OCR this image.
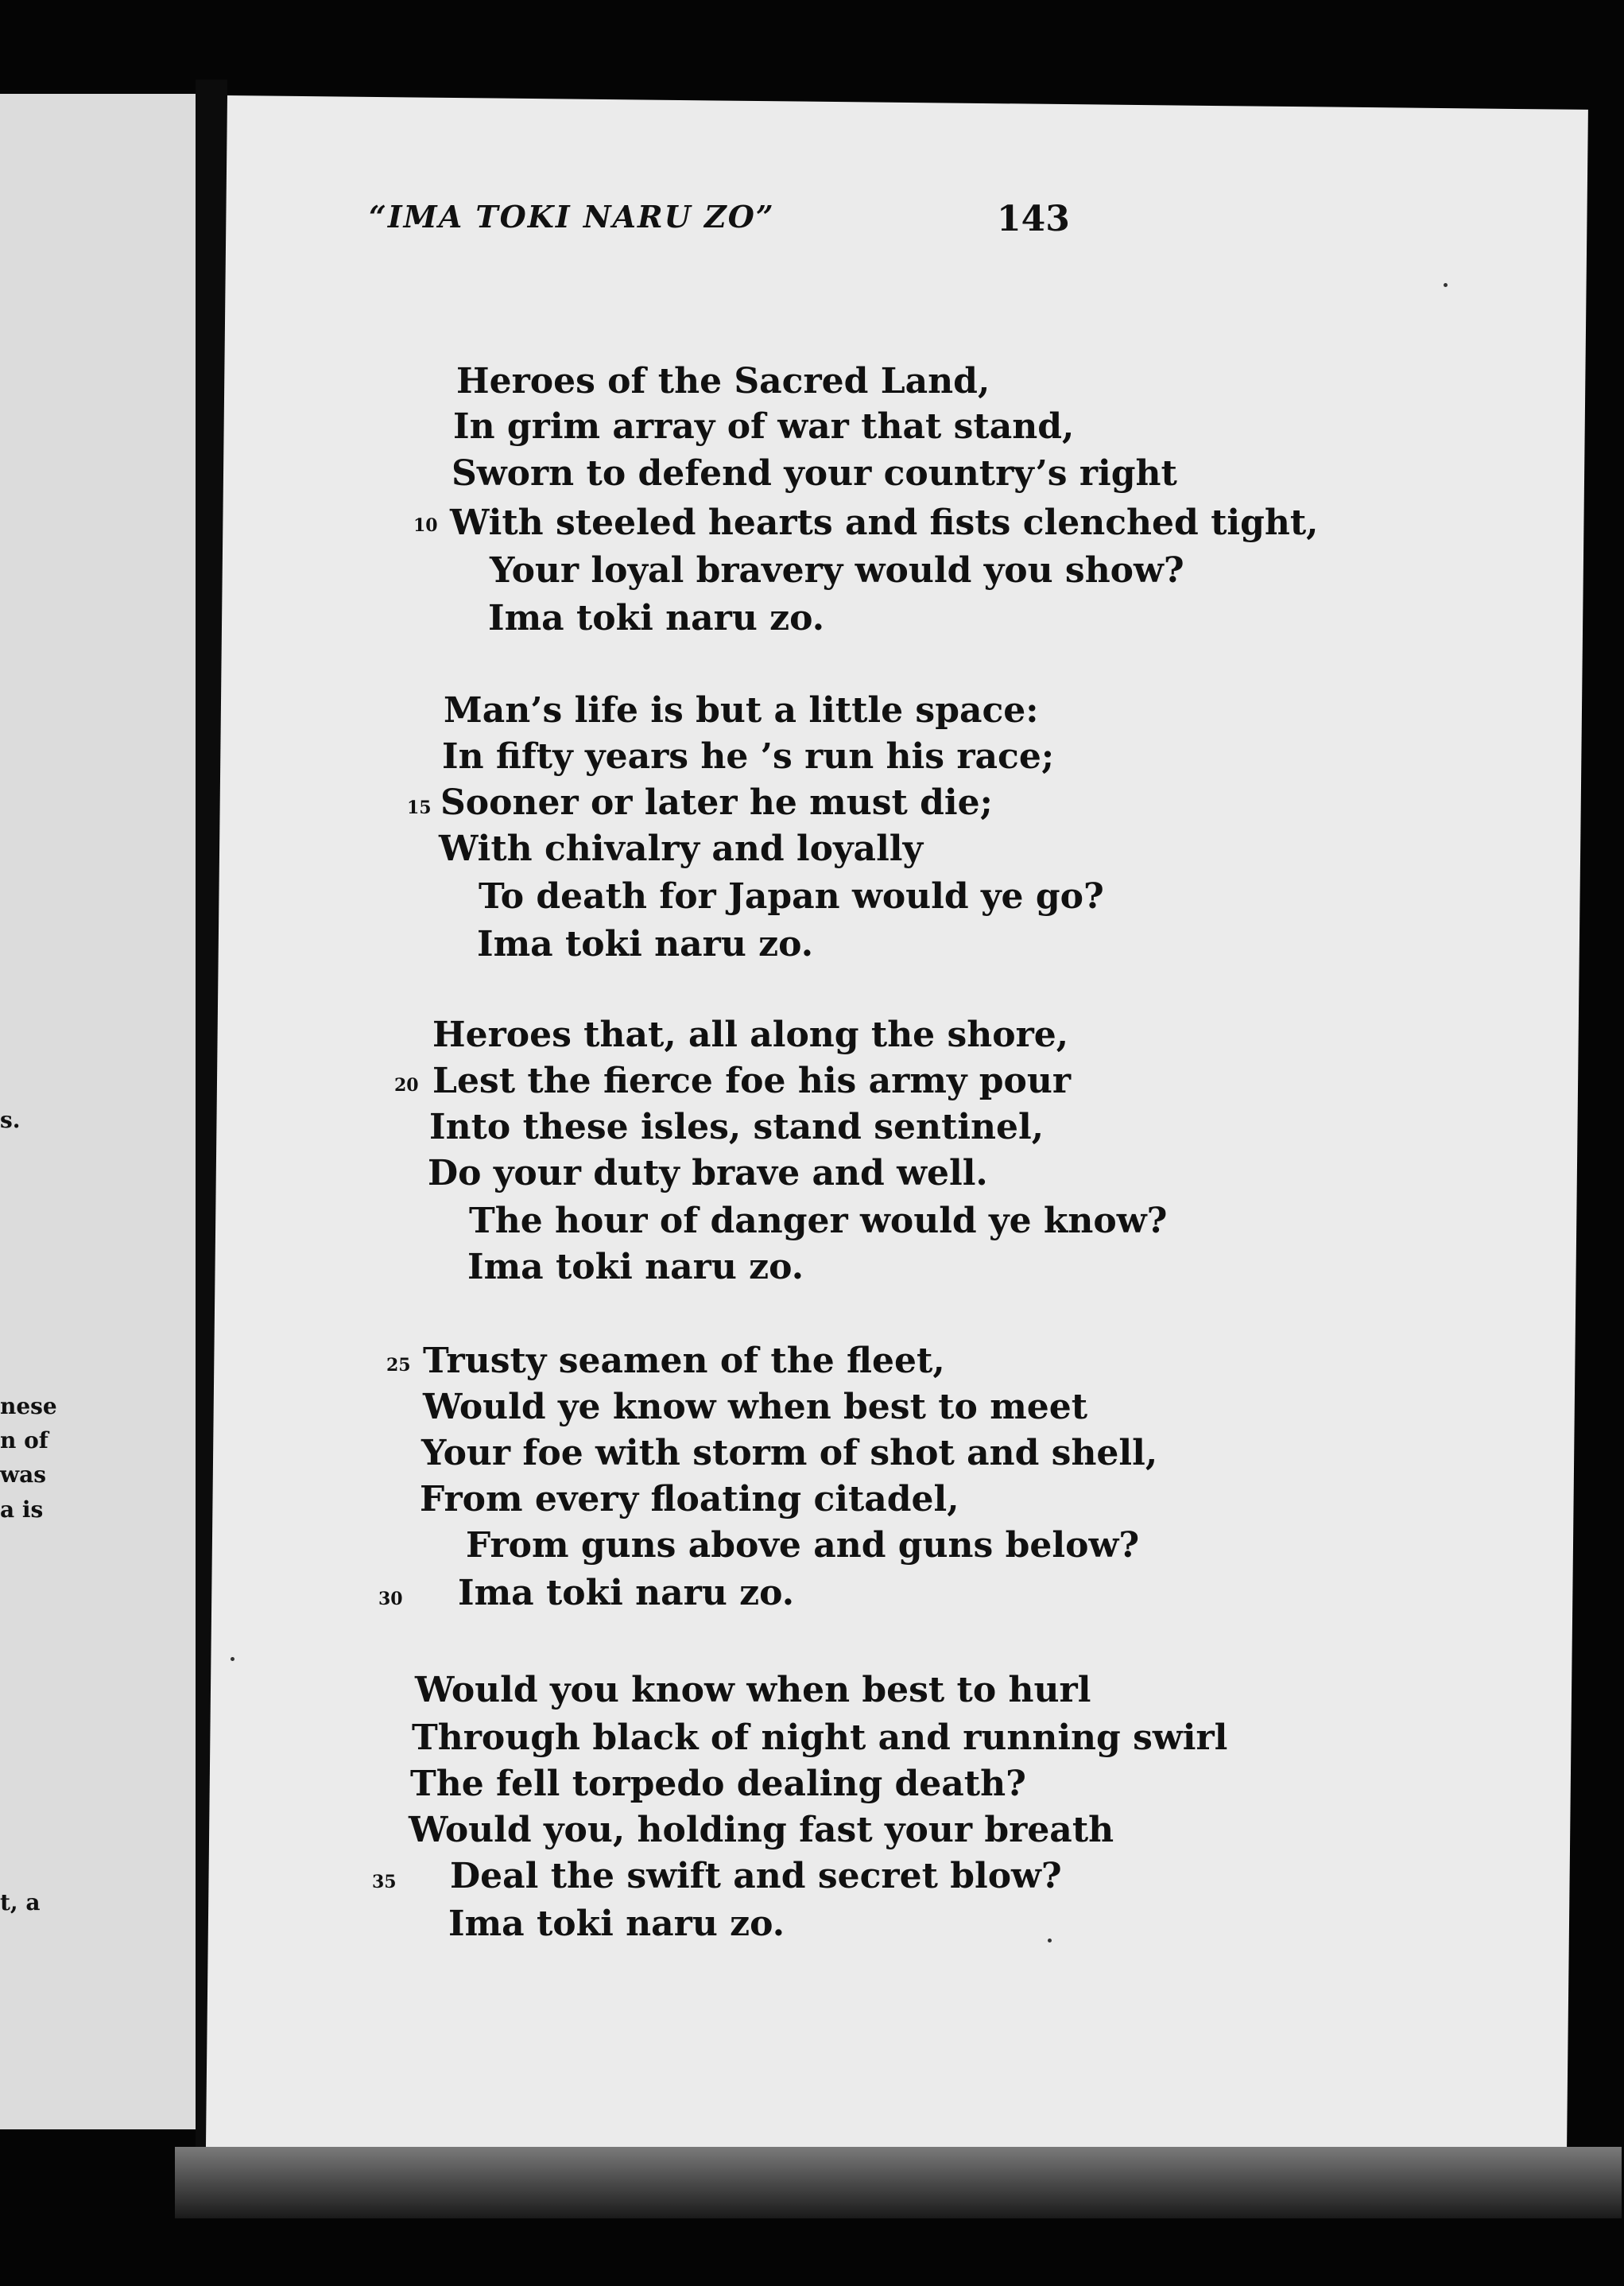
s.
nese
n of
was
a is
t, a
“IMA TOKI NARU ZO”	143
Heroes of the Sacred Land,
In grim array of war that stand,
Sworn to defend your country’s right
10 With steeled hearts and fists clenched tight,
Your loyal bravery would you show?
Ima toki naru zo.
Man’s life is but a little space:
In fifty years he ’s run his race;
15 Sooner or later he must die;
With chivalry and loyally
To death for Japan would ye go?
Ima toki naru zo.
Heroes that, all along the shore,
20 Lest the fierce foe his army pour
Into these isles, stand sentinel,
Do your duty brave and well.
The hour of danger would ye know?
Ima toki naru zo.
25 Trusty seamen of the fleet,
Would ye know when best to meet
Your foe with storm of shot and shell,
From every floating citadel,
From guns above and guns below?
30 Ima toki naru zo.
Would you know when best to hurl
Through black of night and running swirl
The fell torpedo dealing death?
Would you, holding fast your breath
35 Deal the swift and secret blow?
Ima toki naru zo.
